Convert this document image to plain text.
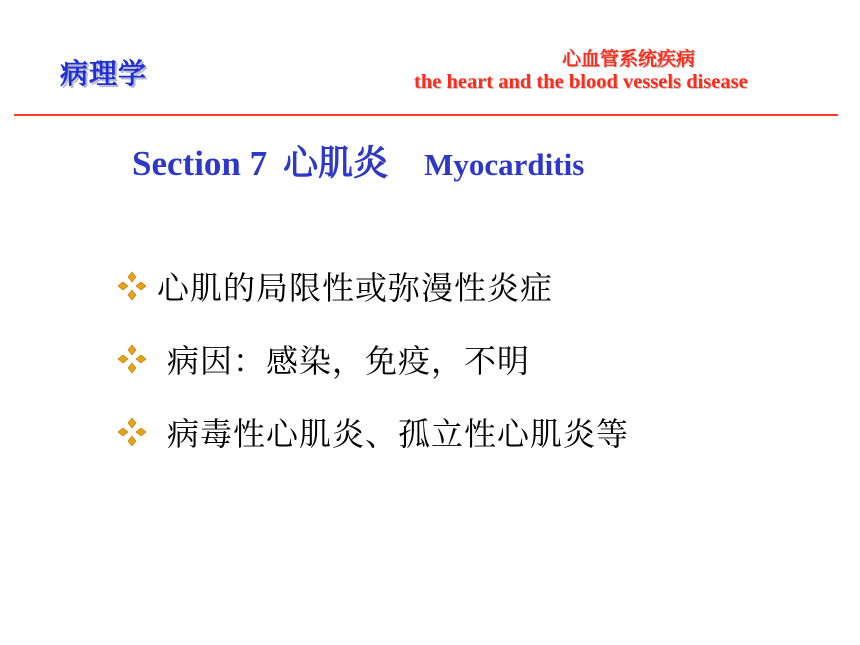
病理学	心血管系统疾病
the heart and the blood vessels disease
Section 7 心肌炎 Myocarditis
心肌的局限性或弥漫性炎症
病因：感染，免疫，不明
病毒性心肌炎、孤立性心肌炎等
